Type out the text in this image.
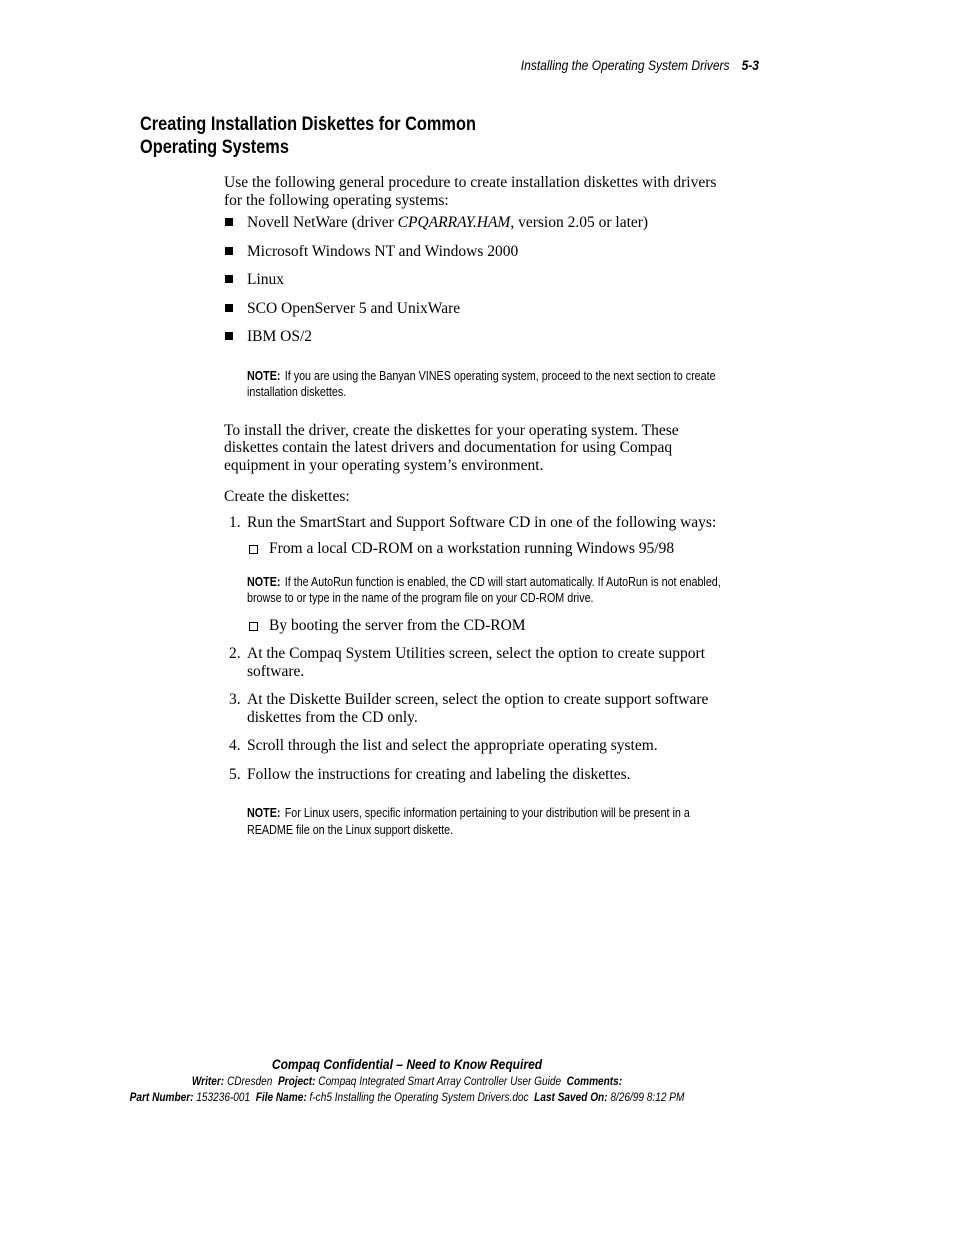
Installing the Operating System Drivers 5-3
Creating Installation Diskettes for Common
Operating Systems

Use the following general procedure to create installation diskettes with drivers for the following operating systems:

Novell NetWare (driver CPQARRAY.HAM, version 2.05 or later)
Microsoft Windows NT and Windows 2000
Linux
SCO OpenServer 5 and UnixWare
IBM OS/2
NOTE: If you are using the Banyan VINES operating system, proceed to the next section to create installation diskettes.

To install the driver, create the diskettes for your operating system. These diskettes contain the latest drivers and documentation for using Compaq equipment in your operating system’s environment.

Create the diskettes:

1. Run the SmartStart and Support Software CD in one of the following ways:
From a local CD-ROM on a workstation running Windows 95/98
NOTE: If the AutoRun function is enabled, the CD will start automatically. If AutoRun is not enabled, browse to or type in the name of the program file on your CD-ROM drive.
By booting the server from the CD-ROM
2. At the Compaq System Utilities screen, select the option to create support software.
3. At the Diskette Builder screen, select the option to create support software diskettes from the CD only.
4. Scroll through the list and select the appropriate operating system.
5. Follow the instructions for creating and labeling the diskettes.
NOTE: For Linux users, specific information pertaining to your distribution will be present in a README file on the Linux support diskette.
Compaq Confidential – Need to Know Required
Writer: CDresden Project: Compaq Integrated Smart Array Controller User Guide Comments:
Part Number: 153236-001 File Name: f-ch5 Installing the Operating System Drivers.doc Last Saved On: 8/26/99 8:12 PM
